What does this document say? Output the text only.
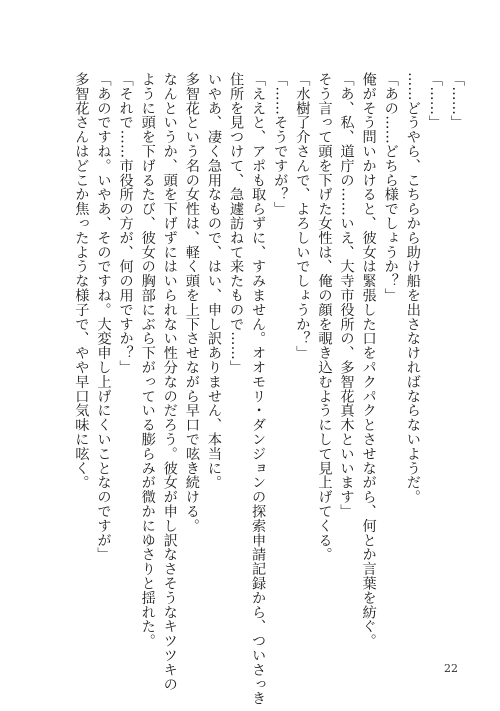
「……」

「……」

……どうやら、こちらから助け船を出さなければならないようだ。

「あの……どちら様でしょうか？」

俺がそう問いかけると、彼女は緊張した口をパクパクとさせながら、何とか言葉を紡ぐ。

「あ、私、道庁の……いえ、大寺市役所の、多智花真木といいます」

そう言って頭を下げた女性は、俺の顔を覗き込むようにして見上げてくる。

「水樹了介さんで、よろしいでしょうか？」

「……そうですが？」

「ええと、アポも取らずに、すみません。オオモリ・ダンジョンの探索申請記録から、ついさっき

住所を見つけて、急遽訪ねて来たもので……」

いやあ、凄く急用なもので、はい、申し訳ありません、本当に。

多智花という名の女性は、軽く頭を上下させながら早口で呟き続ける。

なんというか、頭を下げずにはいられない性分なのだろう。彼女が申し訳なさそうなキツツキの

ように頭を下げるたび、彼女の胸部にぶら下がっている膨らみが微かにゆさりと揺れた。

「それで……市役所の方が、何の用ですか？」

「あのですね。いやあ、そのですね。大変申し上げにくいことなのですが」

多智花さんはどこか焦ったような様子で、やや早口気味に呟く。

22
